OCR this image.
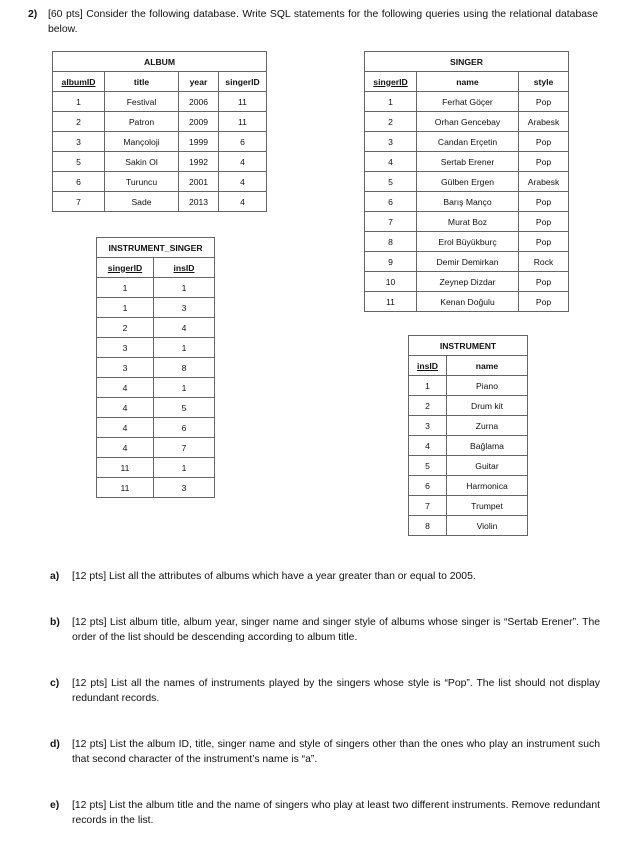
2) [60 pts] Consider the following database. Write SQL statements for the following queries using the relational database below.
ALBUM			
albumID	title	year	singerID
1	Festival	2006	11
2	Patron	2009	11
3	Mançoloji	1999	6
5	Sakin Ol	1992	4
6	Turuncu	2001	4
7	Sade	2013	4
SINGER		
singerID	name	style
1	Ferhat Göçer	Pop
2	Orhan Gencebay	Arabesk
3	Candan Erçetin	Pop
4	Sertab Erener	Pop
5	Gülben Ergen	Arabesk
6	Barış Manço	Pop
7	Murat Boz	Pop
8	Erol Büyükburç	Pop
9	Demir Demirkan	Rock
10	Zeynep Dizdar	Pop
11	Kenan Doğulu	Pop
INSTRUMENT_SINGER	
singerID	insID
1	1
1	3
2	4
3	1
3	8
4	1
4	5
4	6
4	7
11	1
11	3
INSTRUMENT	
insID	name
1	Piano
2	Drum kit
3	Zurna
4	Bağlama
5	Guitar
6	Harmonica
7	Trumpet
8	Violin
a) [12 pts] List all the attributes of albums which have a year greater than or equal to 2005.
b) [12 pts] List album title, album year, singer name and singer style of albums whose singer is “Sertab Erener”. The order of the list should be descending according to album title.
c) [12 pts] List all the names of instruments played by the singers whose style is “Pop”. The list should not display redundant records.
d) [12 pts] List the album ID, title, singer name and style of singers other than the ones who play an instrument such that second character of the instrument’s name is “a”.
e) [12 pts] List the album title and the name of singers who play at least two different instruments. Remove redundant records in the list.
